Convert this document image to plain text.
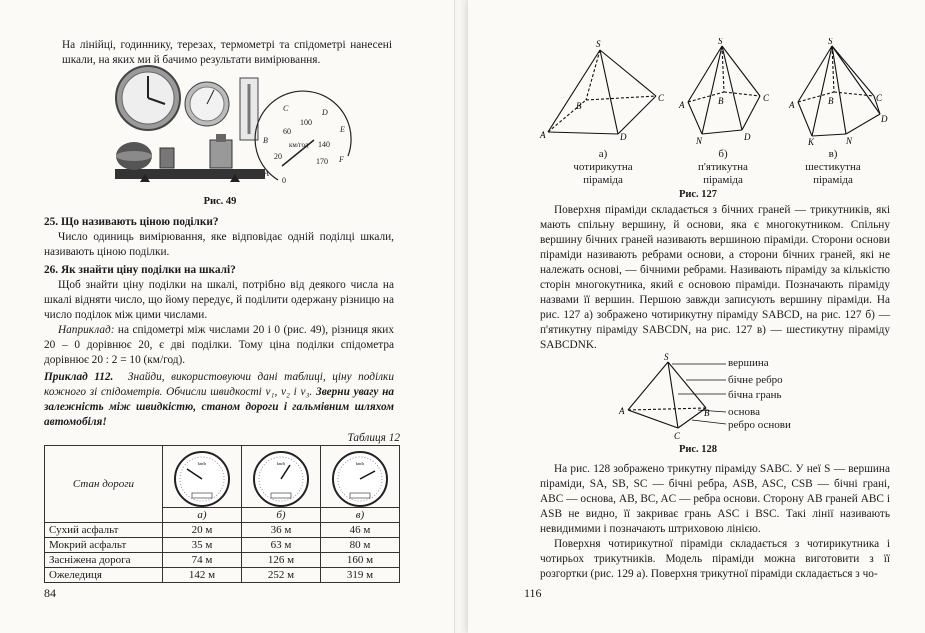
На лінійці, годиннику, терезах, термометрі та спідометрі нанесені шкали, на яких ми й бачимо результати вимірювання.
0
20
60
100
140
170
км/год
A
B
C	D
E
F
Рис. 49
25. Що називають ціною поділки?
Число одиниць вимірювання, яке відповідає одній поділці шкали, називають ціною поділки.
26. Як знайти ціну поділки на шкалі?

Щоб знайти ціну поділки на шкалі, потрібно від деякого числа на шкалі відняти число, що йому передує, й поділити одержану різницю на число поділок між цими числами.

Наприклад: на спідометрі між числами 20 і 0 (рис. 49), різниця яких 20 – 0 дорівнює 20, є дві поділки. Тому ціна поділки спідометра дорівнює 20 : 2 = 10 (км/год).

Приклад 112. Знайди, використовуючи дані таблиці, ціну поділки кожного зі спідометрів. Обчисли швидкості v₁, v₂ і v₃. Зверни увагу на залежність між швидкістю, станом дороги і гальмівним шляхом автомобіля!
Таблиця 12
Стан дороги	km/h	km/h	km/h

	а)	б)	в)
Сухий асфальт	20 м	36 м	46 м
Мокрий асфальт	35 м	63 м	80 м
Засніжена дорога	74 м	126 м	160 м
Ожеледиця	142 м	252 м	319 м
84
S
A
B
C
D
S
A	B	C
D
N
S
A	B	C
D
N
K
а)
чотирикутна
піраміда
б)
п'ятикутна
піраміда
в)
шестикутна
піраміда
Рис. 127
Поверхня піраміди складається з бічних граней — трикутників, які мають спільну вершину, й основи, яка є многокутником. Спільну вершину бічних граней називають вершиною піраміди. Сторони основи піраміди називають ребрами основи, а сторони бічних граней, які не належать основі, — бічними ребрами. Називають піраміду за кількістю сторін многокутника, який є основою піраміди. Позначають піраміду назвами її вершин. Першою завжди записують вершину піраміди. На рис. 127 а) зображено чотирикутну піраміду SABCD, на рис. 127 б) — п'ятикутну піраміду SABCDN, на рис. 127 в) — шестикутну піраміду SABCDNK.
S
A	B
C
вершина
бічне ребро
бічна грань
основа
ребро основи
Рис. 128
На рис. 128 зображено трикутну піраміду SABC. У неї S — вершина піраміди, SA, SB, SC — бічні ребра, ASB, ASC, CSB — бічні грані, ABC — основа, AB, BC, AC — ребра основи. Сторону AB граней ABC і ASB не видно, її закриває грань ASC і BSC. Такі лінії називають невидимими і позначають штриховою лінією.
Поверхня чотирикутної піраміди складається з чотирикутника і чотирьох трикутників. Модель піраміди можна виготовити з її розгортки (рис. 129 а). Поверхня трикутної піраміди складається з чо-
116
